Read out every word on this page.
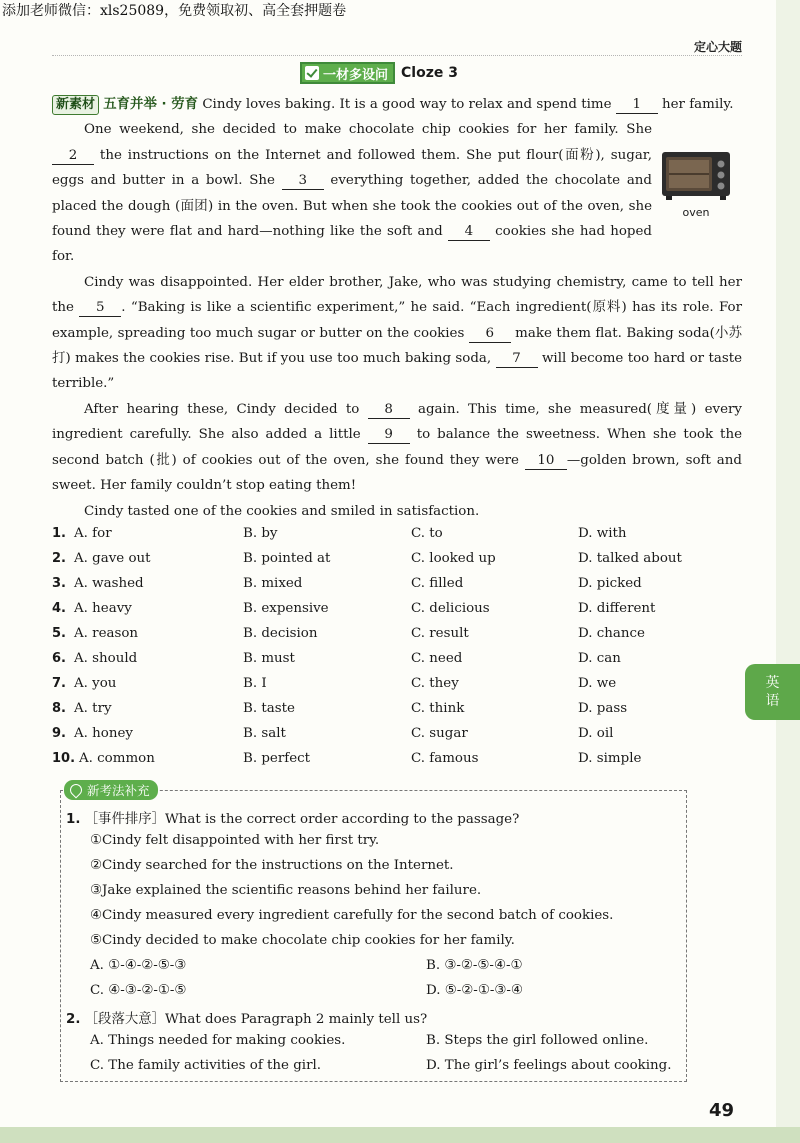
添加老师微信：xls25089，免费领取初、高全套押题卷
定心大题
一材多设问 Cloze 3

新素材 五育并举 · 劳育 Cindy loves baking. It is a good way to relax and spend time 1 her family.

One weekend, she decided to make chocolate chip cookies for her family. She 2 the instructions on the Internet and followed them. She put flour(面粉), sugar, eggs and butter in a bowl. She 3 everything together, added the chocolate and placed the dough (面团) in the oven. But when she took the cookies out of the oven, she found they were flat and hard—nothing like the soft and 4 cookies she had hoped for.

Cindy was disappointed. Her elder brother, Jake, who was studying chemistry, came to tell her the 5 . “Baking is like a scientific experiment,” he said. “Each ingredient(原料) has its role. For example, spreading too much sugar or butter on the cookies 6 make them flat. Baking soda(小苏打) makes the cookies rise. But if you use too much baking soda, 7 will become too hard or taste terrible.”

After hearing these, Cindy decided to 8 again. This time, she measured(度量) every ingredient carefully. She also added a little 9 to balance the sweetness. When she took the second batch (批) of cookies out of the oven, she found they were 10 —golden brown, soft and sweet. Her family couldn’t stop eating them!

Cindy tasted one of the cookies and smiled in satisfaction.

oven
1. A. for	B. by	C. to	D. with
2. A. gave out	B. pointed at	C. looked up	D. talked about
3. A. washed	B. mixed	C. filled	D. picked
4. A. heavy	B. expensive	C. delicious	D. different
5. A. reason	B. decision	C. result	D. chance
6. A. should	B. must	C. need	D. can
7. A. you	B. I	C. they	D. we
8. A. try	B. taste	C. think	D. pass
9. A. honey	B. salt	C. sugar	D. oil
10. A. common	B. perfect	C. famous	D. simple
新考法补充
1. ［事件排序］What is the correct order according to the passage?
①Cindy felt disappointed with her first try.
②Cindy searched for the instructions on the Internet.
③Jake explained the scientific reasons behind her failure.
④Cindy measured every ingredient carefully for the second batch of cookies.
⑤Cindy decided to make chocolate chip cookies for her family.
A. ①-④-②-⑤-③	B. ③-②-⑤-④-①
C. ④-③-②-①-⑤	D. ⑤-②-①-③-④
2. ［段落大意］What does Paragraph 2 mainly tell us?
A. Things needed for making cookies.	B. Steps the girl followed online.
C. The family activities of the girl.	D. The girl’s feelings about cooking.
英
语
49
